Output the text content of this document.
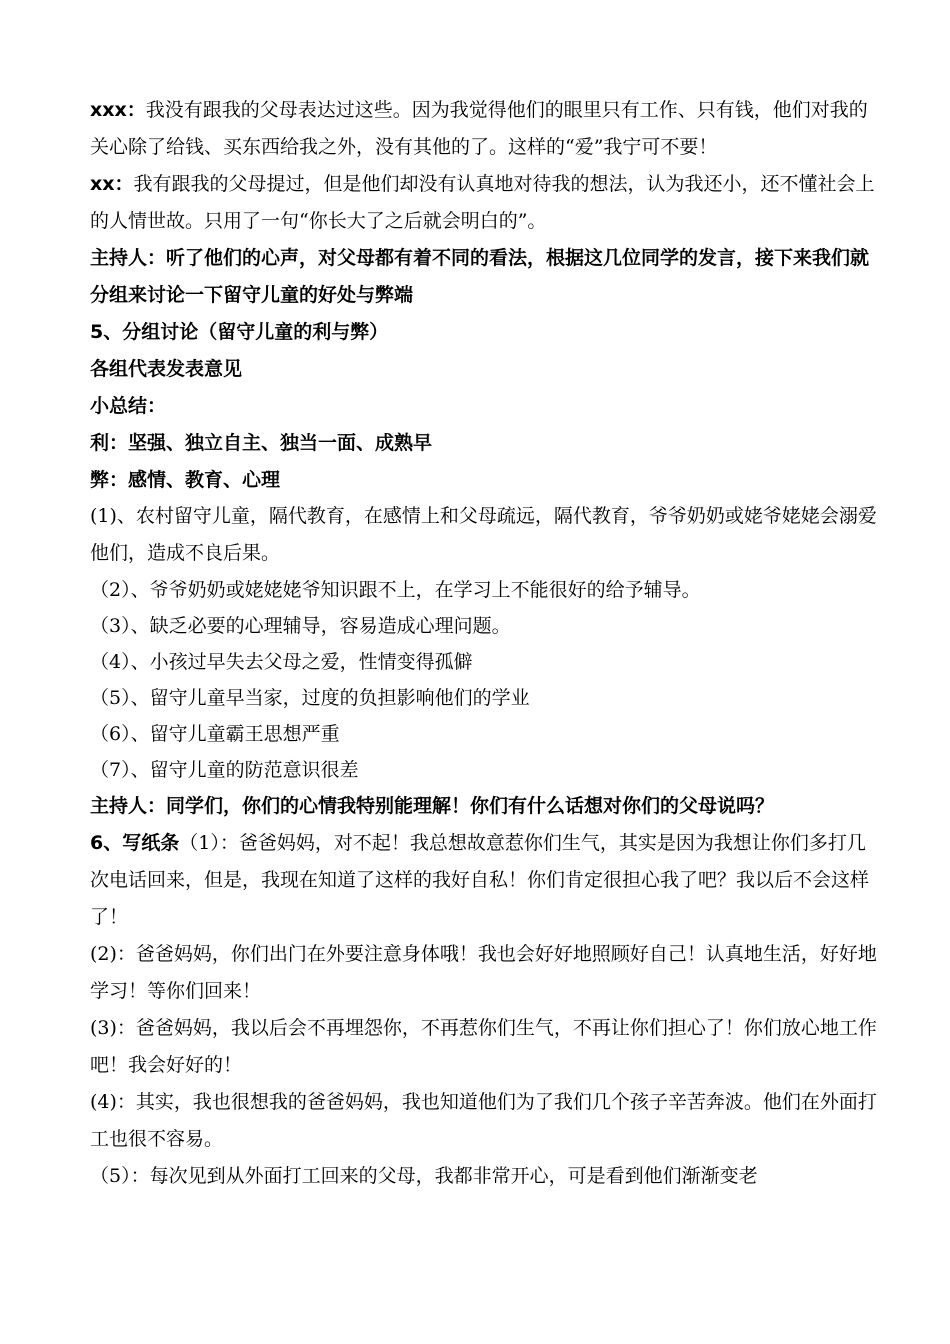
xxx：我没有跟我的父母表达过这些。因为我觉得他们的眼里只有工作、只有钱，他们对我的关心除了给钱、买东西给我之外，没有其他的了。这样的“爱”我宁可不要！

xx：我有跟我的父母提过，但是他们却没有认真地对待我的想法，认为我还小，还不懂社会上的人情世故。只用了一句“你长大了之后就会明白的”。

主持人：听了他们的心声，对父母都有着不同的看法，根据这几位同学的发言，接下来我们就分组来讨论一下留守儿童的好处与弊端

5、分组讨论（留守儿童的利与弊）

各组代表发表意见

小总结：

利：坚强、独立自主、独当一面、成熟早

弊：感情、教育、心理

(1)、农村留守儿童，隔代教育，在感情上和父母疏远，隔代教育，爷爷奶奶或姥爷姥姥会溺爱他们，造成不良后果。

（2）、爷爷奶奶或姥姥姥爷知识跟不上，在学习上不能很好的给予辅导。

（3）、缺乏必要的心理辅导，容易造成心理问题。

（4）、小孩过早失去父母之爱，性情变得孤僻

（5）、留守儿童早当家，过度的负担影响他们的学业

（6）、留守儿童霸王思想严重

（7）、留守儿童的防范意识很差

主持人：同学们，你们的心情我特别能理解！你们有什么话想对你们的父母说吗？

6、写纸条（1）：爸爸妈妈，对不起！我总想故意惹你们生气，其实是因为我想让你们多打几次电话回来，但是，我现在知道了这样的我好自私！你们肯定很担心我了吧？我以后不会这样了！

(2)：爸爸妈妈，你们出门在外要注意身体哦！我也会好好地照顾好自己！认真地生活，好好地学习！等你们回来！

(3)：爸爸妈妈，我以后会不再埋怨你，不再惹你们生气，不再让你们担心了！你们放心地工作吧！我会好好的！

(4)：其实，我也很想我的爸爸妈妈，我也知道他们为了我们几个孩子辛苦奔波。他们在外面打工也很不容易。

（5）：每次见到从外面打工回来的父母，我都非常开心，可是看到他们渐渐变老
